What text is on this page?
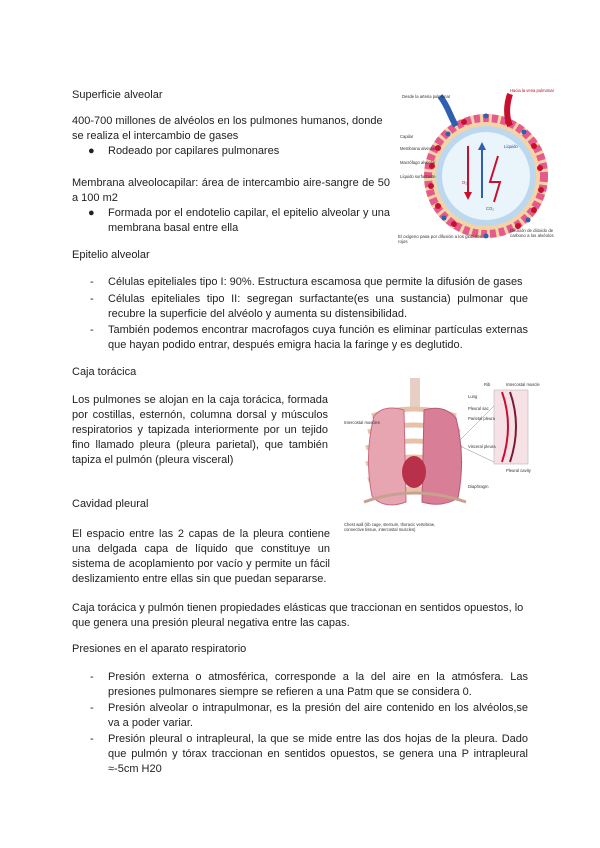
Superficie alveolar

400-700 millones de alvéolos en los pulmones humanos, donde se realiza el intercambio de gases

● Rodeado por capilares pulmonares

Membrana alveolocapilar: área de intercambio aire-sangre de 50 a 100 m2

● Formada por el endotelio capilar, el epitelio alveolar y una membrana basal entre ella
O₂
CO₂
Desde la arteria pulmonar
Hacia la vena pulmonar
Capilar
Membrana alveolar
Macrófago alveolar
Líquido surfactante
Líquido
El oxígeno pasa por difusión a los glóbulos rojos
Difusión de dióxido de carbono a los alvéolos

Epitelio alveolar

- Células epiteliales tipo I: 90%. Estructura escamosa que permite la difusión de gases
- Células epiteliales tipo II: segregan surfactante(es una sustancia) pulmonar que recubre la superficie del alvéolo y aumenta su distensibilidad.
- También podemos encontrar macrofagos cuya función es eliminar partículas externas que hayan podido entrar, después emigra hacia la faringe y es deglutido.

Caja torácica

Los pulmones se alojan en la caja torácica, formada por costillas, esternón, columna dorsal y músculos respiratorios y tapizada interiormente por un tejido fino llamado pleura (pleura parietal), que también tapiza el pulmón (pleura visceral)

Intercostal muscles
Lung
Pleural sac
Parietal pleura
Visceral pleura
Pleural cavity
Intercostal muscle
Rib
Diaphragm
Chest wall (rib cage, sternum, thoracic vertebrae, connective tissue, intercostal muscles)

Cavidad pleural

El espacio entre las 2 capas de la pleura contiene una delgada capa de líquido que constituye un sistema de acoplamiento por vacío y permite un fácil deslizamiento entre ellas sin que puedan separarse.

Caja torácica y pulmón tienen propiedades elásticas que traccionan en sentidos opuestos, lo que genera una presión pleural negativa entre las capas.

Presiones en el aparato respiratorio

- Presión externa o atmosférica, corresponde a la del aire en la atmósfera. Las presiones pulmonares siempre se refieren a una Patm que se considera 0.
- Presión alveolar o intrapulmonar, es la presión del aire contenido en los alvéolos,se va a poder variar.
- Presión pleural o intrapleural, la que se mide entre las dos hojas de la pleura. Dado que pulmón y tórax traccionan en sentidos opuestos, se genera una P intrapleural ≈-5cm H20
